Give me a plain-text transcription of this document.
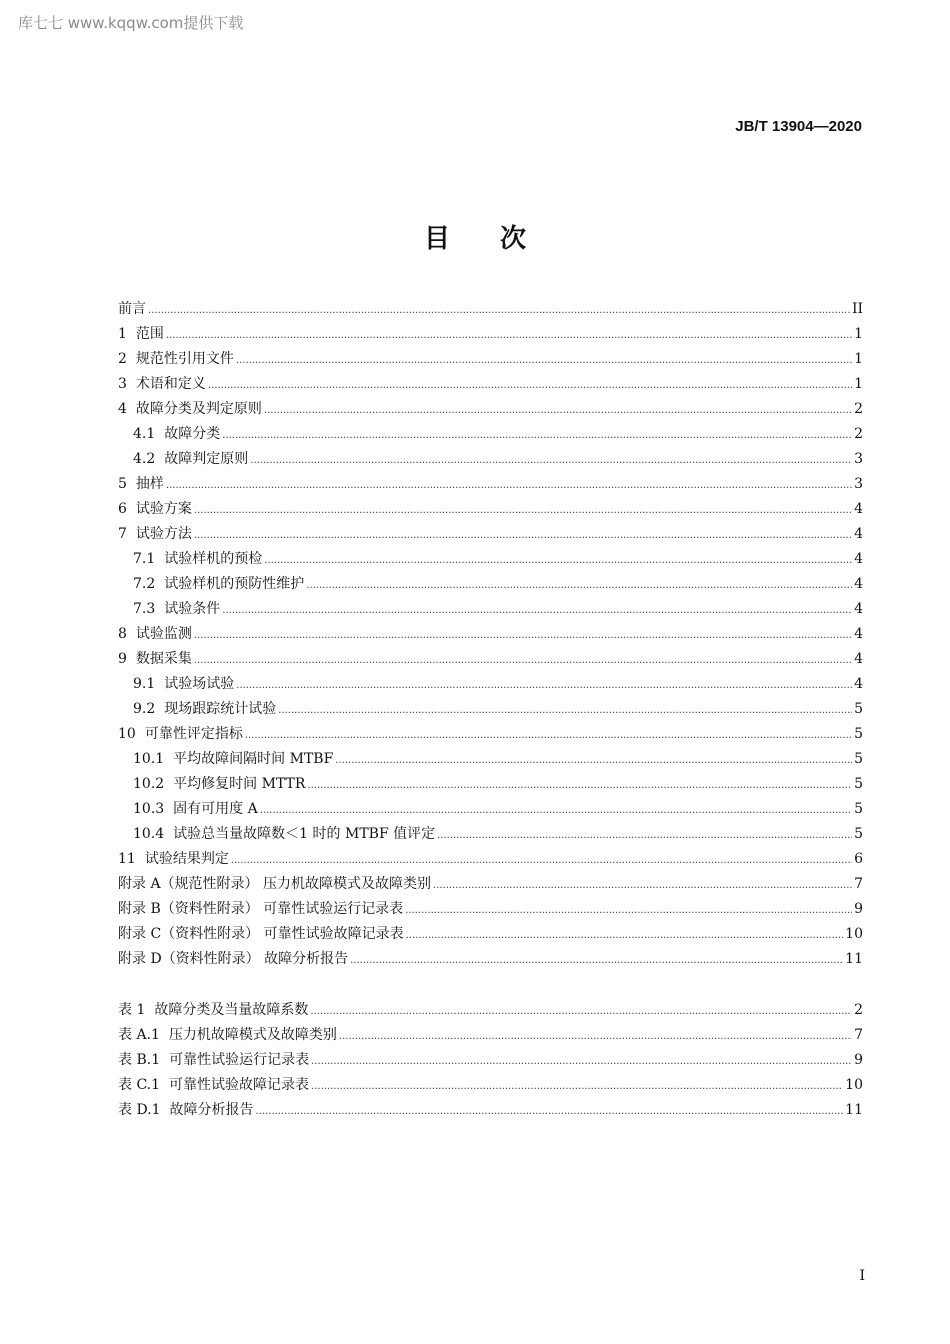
库七七 www.kqqw.com提供下载
JB/T 13904—2020
目次
前言 .....	II
1 范围 .....	1
2 规范性引用文件 .....	1
3 术语和定义 .....	1
4 故障分类及判定原则 .....	2
4.1 故障分类 .....	2
4.2 故障判定原则 .....	3
5 抽样 .....	3
6 试验方案 .....	4
7 试验方法 .....	4
7.1 试验样机的预检 .....	4
7.2 试验样机的预防性维护 .....	4
7.3 试验条件 .....	4
8 试验监测 .....	4
9 数据采集 .....	4
9.1 试验场试验 .....	4
9.2 现场跟踪统计试验 .....	5
10 可靠性评定指标 .....	5
10.1 平均故障间隔时间 MTBF .....	5
10.2 平均修复时间 MTTR .....	5
10.3 固有可用度 A .....	5
10.4 试验总当量故障数＜1 时的 MTBF 值评定 .....	5
11 试验结果判定 .....	6
附录 A（规范性附录） 压力机故障模式及故障类别 .....	7
附录 B（资料性附录） 可靠性试验运行记录表 .....	9
附录 C（资料性附录） 可靠性试验故障记录表 .....	10
附录 D（资料性附录） 故障分析报告 .....	11
表 1 故障分类及当量故障系数 .....	2
表 A.1 压力机故障模式及故障类别 .....	7
表 B.1 可靠性试验运行记录表 .....	9
表 C.1 可靠性试验故障记录表 .....	10
表 D.1 故障分析报告 .....	11
I
